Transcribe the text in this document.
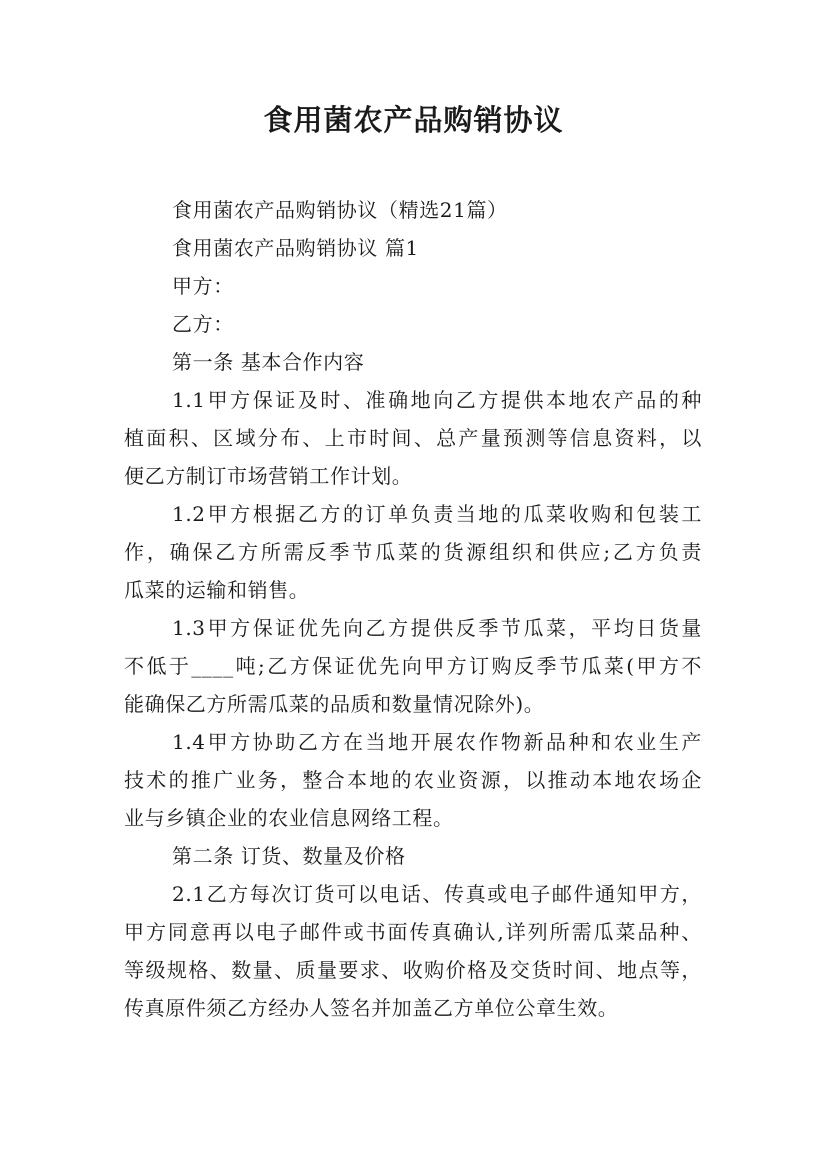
食用菌农产品购销协议
食用菌农产品购销协议（精选21篇）
食用菌农产品购销协议 篇1
甲方：
乙方：
第一条 基本合作内容
1.1甲方保证及时、准确地向乙方提供本地农产品的种
植面积、区域分布、上市时间、总产量预测等信息资料，以
便乙方制订市场营销工作计划。
1.2甲方根据乙方的订单负责当地的瓜菜收购和包装工
作，确保乙方所需反季节瓜菜的货源组织和供应;乙方负责
瓜菜的运输和销售。
1.3甲方保证优先向乙方提供反季节瓜菜，平均日货量
不低于____吨;乙方保证优先向甲方订购反季节瓜菜(甲方不
能确保乙方所需瓜菜的品质和数量情况除外)。
1.4甲方协助乙方在当地开展农作物新品种和农业生产
技术的推广业务，整合本地的农业资源，以推动本地农场企
业与乡镇企业的农业信息网络工程。
第二条 订货、数量及价格
2.1乙方每次订货可以电话、传真或电子邮件通知甲方，
甲方同意再以电子邮件或书面传真确认,详列所需瓜菜品种、
等级规格、数量、质量要求、收购价格及交货时间、地点等，
传真原件须乙方经办人签名并加盖乙方单位公章生效。
